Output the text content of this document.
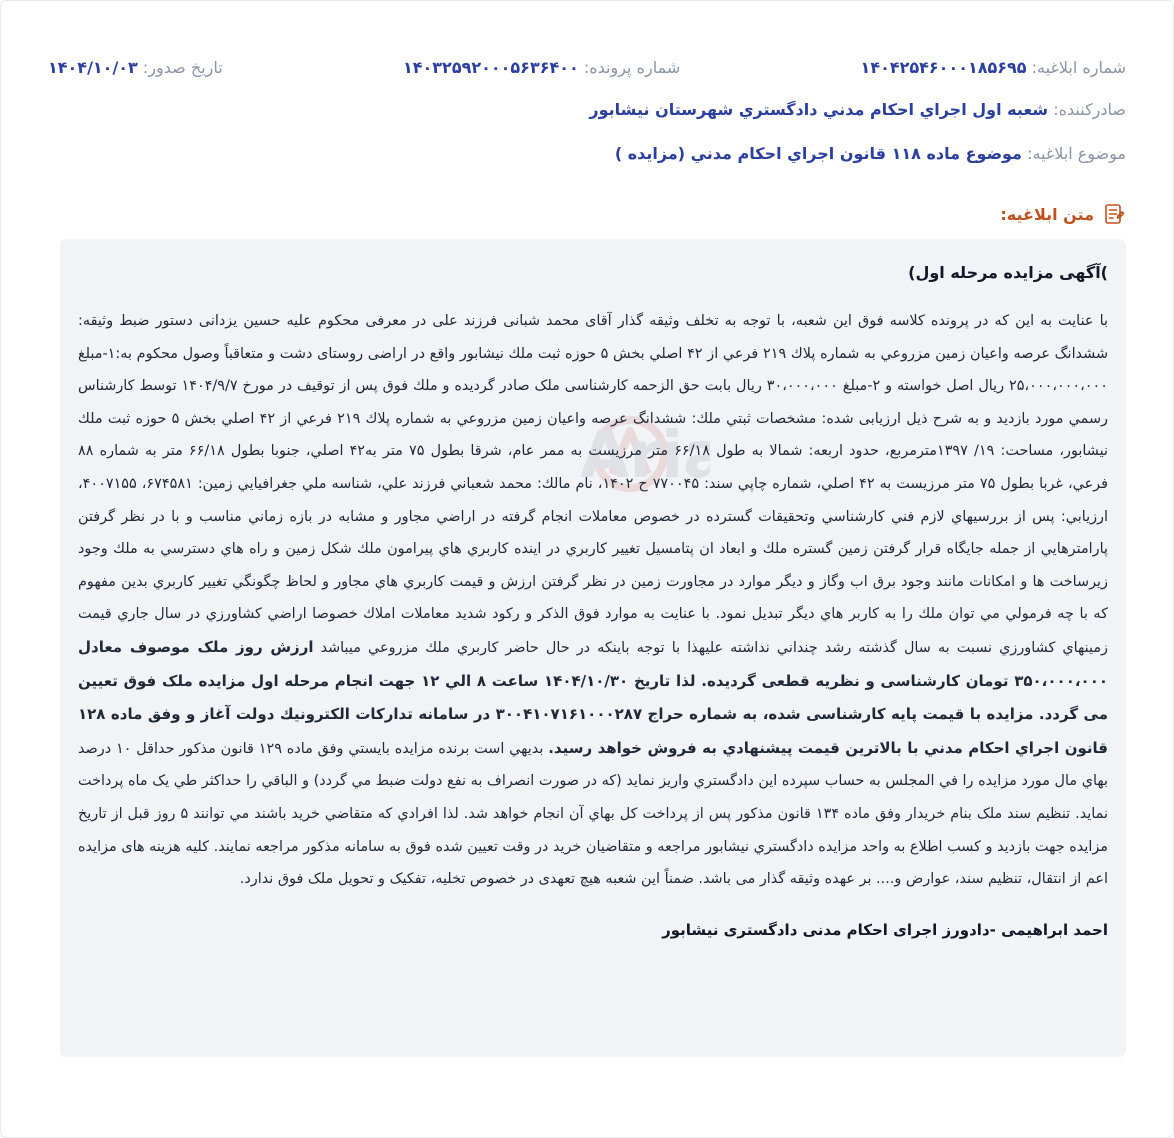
شماره ابلاغيه: ۱۴۰۴۲۵۴۶۰۰۰۱۸۵۶۹۵
شماره پرونده: ۱۴۰۳۲۵۹۲۰۰۰۵۶۳۶۴۰۰
تاريخ صدور: ۱۴۰۴/۱۰/۰۳
صادرکننده: شعبه اول اجراي احكام مدني دادگستري شهرستان نيشابور
موضوع ابلاغيه: موضوع ماده ۱۱۸ قانون اجراي احكام مدني (مزايده )
متن ابلاغيه:
Aria
)آگهی مزایده مرحله اول)
با عنايت به اين كه در پرونده كلاسه فوق اين شعبه، با توجه به تخلف وثيقه گذار آقای محمد شبانی فرزند علی در معرفی محکوم علیه حسین یزدانی دستور ضبط وثيقه: ششدانگ عرصه واعيان زمين مزروعي به شماره پلاك ۲۱۹ فرعي از ۴۲ اصلي بخش ۵ حوزه ثبت ملك نيشابور واقع در اراضی روستای دشت و متعاقباً وصول محکوم به:۱-مبلغ ۲۵،۰۰۰،۰۰۰،۰۰۰ ریال اصل خواسته و ۲-مبلغ ۳۰،۰۰۰،۰۰۰ ريال بابت حق الزحمه کارشناسی ملک صادر گرديده و ملك فوق پس از توقيف در مورخ ۱۴۰۴/۹/۷ توسط كارشناس رسمي مورد بازديد و به شرح ذيل ارزيابی شده: مشخصات ثبتي ملك: ششدانگ عرصه واعيان زمين مزروعي به شماره پلاك ۲۱۹ فرعي از ۴۲ اصلي بخش ۵ حوزه ثبت ملك نيشابور، مساحت: ۱۹/ ۱۳۹۷مترمربع، حدود اربعه: شمالا به طول ۶۶/۱۸ متر مرزيست به ممر عام، شرقا بطول ۷۵ متر به۴۲ اصلي، جنوبا بطول ۶۶/۱۸ متر به شماره ۸۸ فرعي، غربا بطول ۷۵ متر مرزيست به ۴۲ اصلي، شماره چاپي سند: ۷۷۰۰۴۵ ح ۱۴۰۲، نام مالك: محمد شعباني فرزند علي، شناسه ملي جغرافيايي زمين: ۶۷۴۵۸۱، ۴۰۰۷۱۵۵، ارزيابي: پس از بررسيهاي لازم فني كارشناسي وتحقيقات گسترده در خصوص معاملات انجام گرفته در اراضي مجاور و مشابه در بازه زماني مناسب و با در نظر گرفتن پارامترهايي از جمله جايگاه قرار گرفتن زمين گستره ملك و ابعاد ان پتامسيل تغيير كاربري در اينده كاربري هاي پيرامون ملك شكل زمين و راه هاي دسترسي به ملك وجود زيرساخت ها و امكانات مانند وجود برق اب وگاز و ديگر موارد در مجاورت زمين در نظر گرفتن ارزش و قيمت كاربري هاي مجاور و لحاظ چگونگي تغيير كاربري بدين مفهوم كه با چه فرمولي مي توان ملك را به كاربر هاي ديگر تبديل نمود. با عنايت به موارد فوق الذكر و ركود شديد معاملات املاك خصوصا اراضي كشاورزي در سال جاري قيمت زمينهاي كشاورزي نسبت به سال گذشته رشد چنداني نداشته عليهذا با توجه باينكه در حال حاضر كاربري ملك مزروعي ميباشد ارزش روز ملک موصوف معادل ۳۵۰،۰۰۰،۰۰۰ تومان کارشناسی و نظريه قطعی گرديده. لذا تاريخ ۱۴۰۴/۱۰/۳۰ ساعت ۸ الي ۱۲ جهت انجام مرحله اول مزايده ملک فوق تعيين می گردد. مزايده با قيمت پايه كارشناسی شده، به شماره حراج ۳۰۰۴۱۰۷۱۶۱۰۰۰۲۸۷ در سامانه تداركات الكترونيك دولت آغاز و وفق ماده ۱۲۸ قانون اجراي احكام مدني با بالاترين قيمت پيشنهادي به فروش خواهد رسيد. بديهي است برنده مزايده بايستي وفق ماده ۱۲۹ قانون مذكور حداقل ۱۰ درصد بهاي مال مورد مزايده را في المجلس به حساب سپرده اين دادگستري واريز نمايد (كه در صورت انصراف به نفع دولت ضبط مي گردد) و الباقي را حداكثر طي يک ماه پرداخت نمايد. تنظيم سند ملک بنام خريدار وفق ماده ۱۳۴ قانون مذكور پس از پرداخت كل بهاي آن انجام خواهد شد. لذا افرادي كه متقاضي خريد باشند مي توانند ۵ روز قبل از تاريخ مزايده جهت بازديد و كسب اطلاع به واحد مزايده دادگستري نيشابور مراجعه و متقاضيان خريد در وقت تعيين شده فوق به سامانه مذكور مراجعه نمايند. كليه هزينه های مزايده اعم از انتقال، تنظیم سند، عوارض و.... بر عهده وثیقه گذار می باشد. ضمناً این شعبه هیچ تعهدی در خصوص تخلیه، تفکیک و تحویل ملک فوق ندارد.
احمد ابراهيمی -دادورز اجرای احکام مدنی دادگستری نیشابور
